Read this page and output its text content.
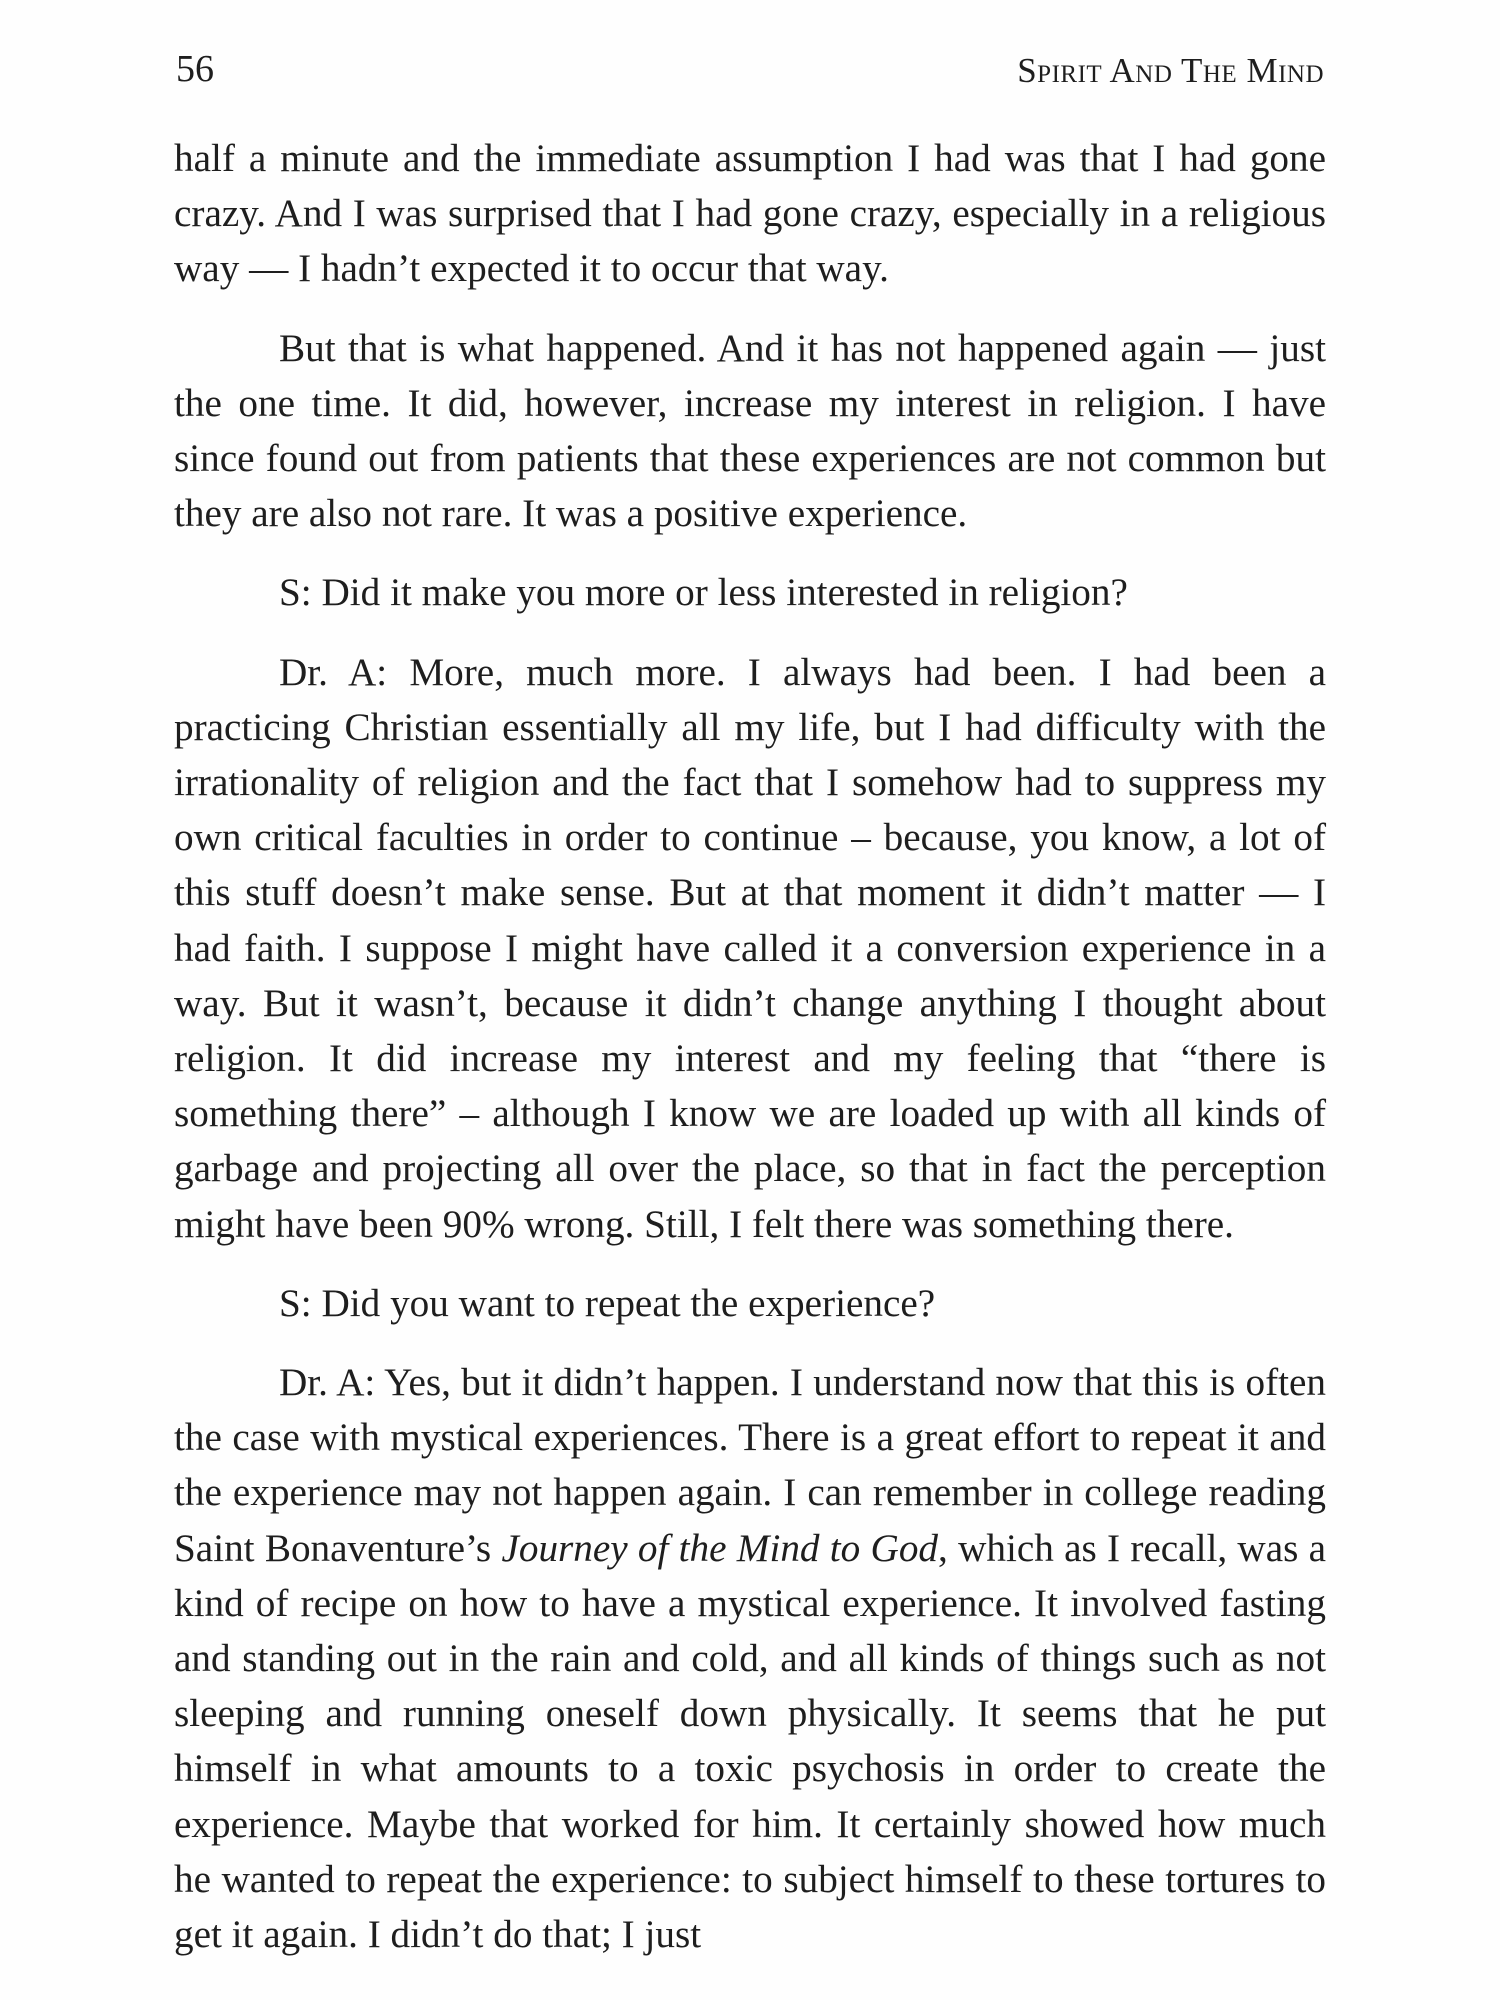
56	Spirit And The Mind

half a minute and the immediate assumption I had was that I had gone crazy. And I was surprised that I had gone crazy, especially in a religious way — I hadn’t expected it to occur that way.

But that is what happened. And it has not happened again — just the one time. It did, however, increase my interest in religion. I have since found out from patients that these experiences are not common but they are also not rare. It was a positive experience.

S: Did it make you more or less interested in religion?

Dr. A: More, much more. I always had been. I had been a practicing Christian essentially all my life, but I had difficulty with the irrationality of religion and the fact that I somehow had to suppress my own critical faculties in order to continue – because, you know, a lot of this stuff doesn’t make sense. But at that moment it didn’t matter — I had faith. I suppose I might have called it a conversion experience in a way. But it wasn’t, because it didn’t change anything I thought about religion. It did increase my interest and my feeling that “there is something there” – although I know we are loaded up with all kinds of garbage and projecting all over the place, so that in fact the perception might have been 90% wrong. Still, I felt there was something there.

S: Did you want to repeat the experience?

Dr. A: Yes, but it didn’t happen. I understand now that this is often the case with mystical experiences. There is a great effort to repeat it and the experience may not happen again. I can remember in college reading Saint Bonaventure’s Journey of the Mind to God, which as I recall, was a kind of recipe on how to have a mystical experience. It involved fasting and standing out in the rain and cold, and all kinds of things such as not sleeping and running oneself down physically. It seems that he put himself in what amounts to a toxic psychosis in order to create the experience. Maybe that worked for him. It certainly showed how much he wanted to repeat the experience: to subject himself to these tortures to get it again. I didn’t do that; I just
